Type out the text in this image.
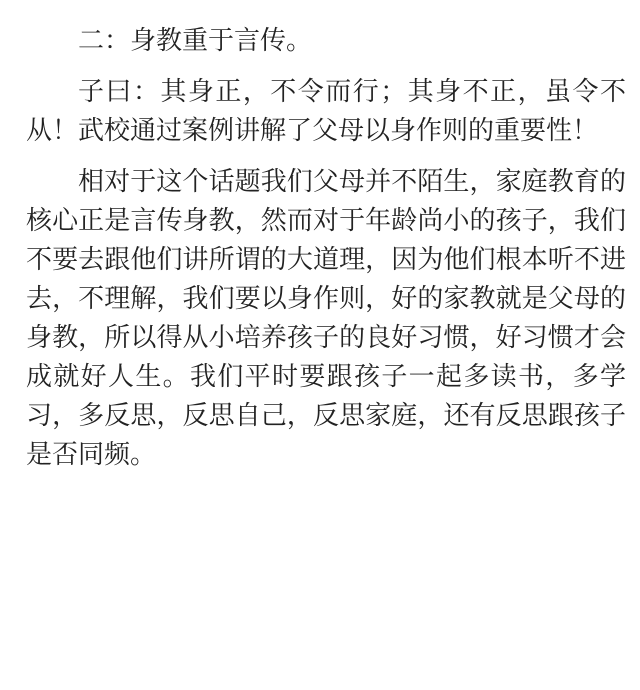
二：身教重于言传。

子曰：其身正，不令而行；其身不正，虽令不从！武校通过案例讲解了父母以身作则的重要性！

相对于这个话题我们父母并不陌生，家庭教育的核心正是言传身教，然而对于年龄尚小的孩子，我们不要去跟他们讲所谓的大道理，因为他们根本听不进去，不理解，我们要以身作则，好的家教就是父母的身教，所以得从小培养孩子的良好习惯，好习惯才会成就好人生。我们平时要跟孩子一起多读书，多学习，多反思，反思自己，反思家庭，还有反思跟孩子是否同频。
